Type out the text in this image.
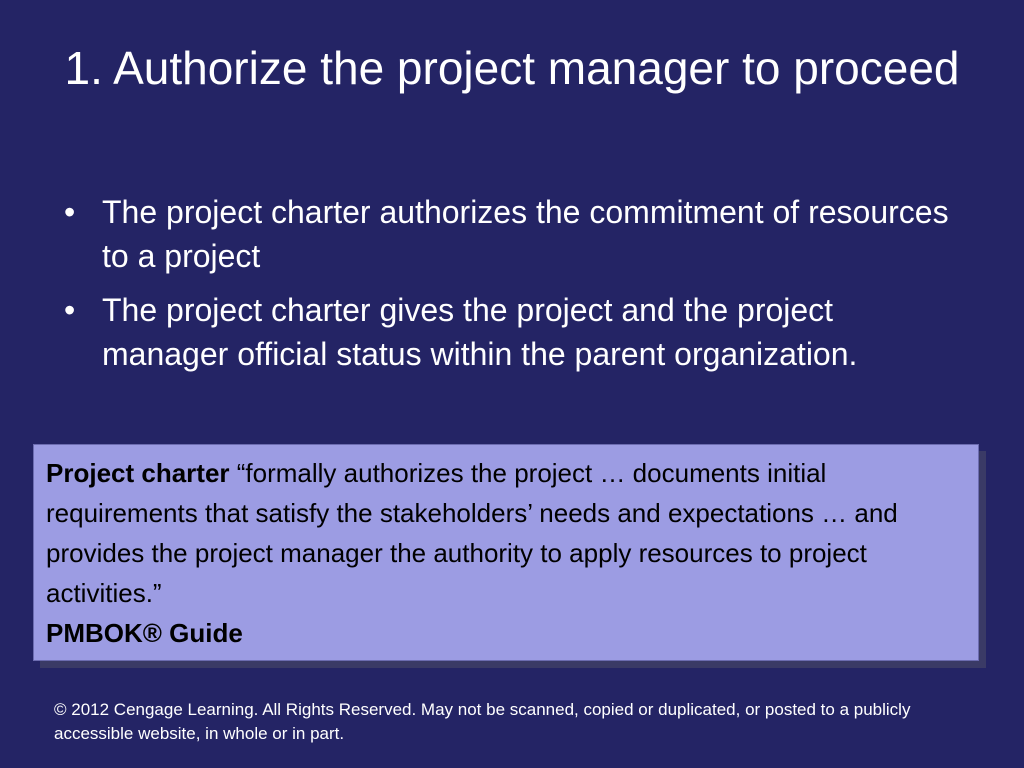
1. Authorize the project manager to proceed
• The project charter authorizes the commitment of resources to a project
• The project charter gives the project and the project manager official status within the parent organization.
Project charter “formally authorizes the project … documents initial requirements that satisfy the stakeholders’ needs and expectations … and provides the project manager the authority to apply resources to project activities.”
PMBOK® Guide
© 2012 Cengage Learning. All Rights Reserved. May not be scanned, copied or duplicated, or posted to a publicly accessible website, in whole or in part.
